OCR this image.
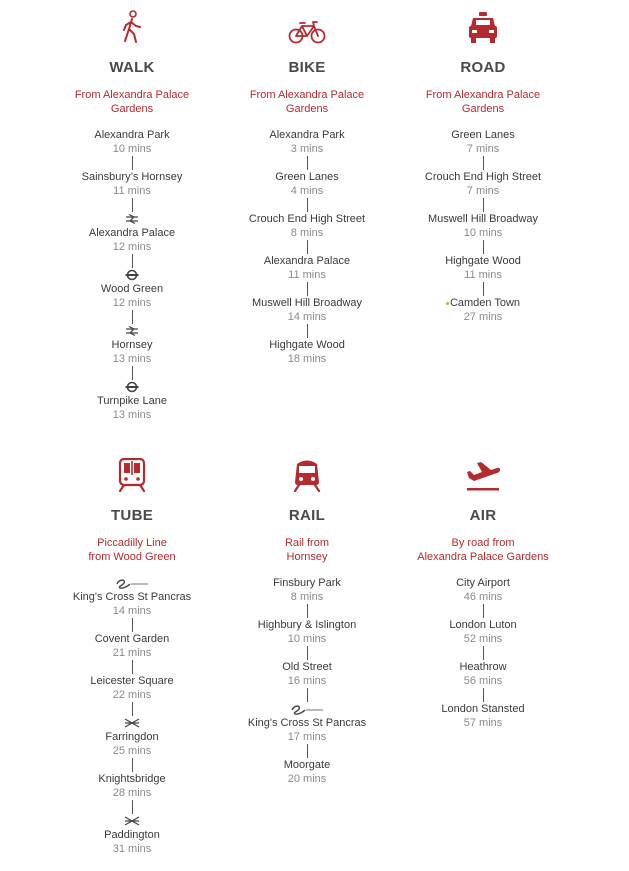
WALK
From Alexandra Palace
Gardens
Alexandra Park
10 mins
Sainsbury’s Hornsey
11 mins
Alexandra Palace
12 mins
Wood Green
12 mins
Hornsey
13 mins
Turnpike Lane
13 mins
BIKE
From Alexandra Palace
Gardens
Alexandra Park
3 mins
Green Lanes
4 mins
Crouch End High Street
8 mins
Alexandra Palace
11 mins
Muswell Hill Broadway
14 mins
Highgate Wood
18 mins
ROAD
From Alexandra Palace
Gardens
Green Lanes
7 mins
Crouch End High Street
7 mins
Muswell Hill Broadway
10 mins
Highgate Wood
11 mins
Camden Town
27 mins
TUBE
Piccadilly Line
from Wood Green
King's Cross St Pancras
14 mins
Covent Garden
21 mins
Leicester Square
22 mins
Farringdon
25 mins
Knightsbridge
28 mins
Paddington
31 mins
RAIL
Rail from
Hornsey
Finsbury Park
8 mins
Highbury & Islington
10 mins
Old Street
16 mins
King's Cross St Pancras
17 mins
Moorgate
20 mins
AIR
By road from
Alexandra Palace Gardens
City Airport
46 mins
London Luton
52 mins
Heathrow
56 mins
London Stansted
57 mins
